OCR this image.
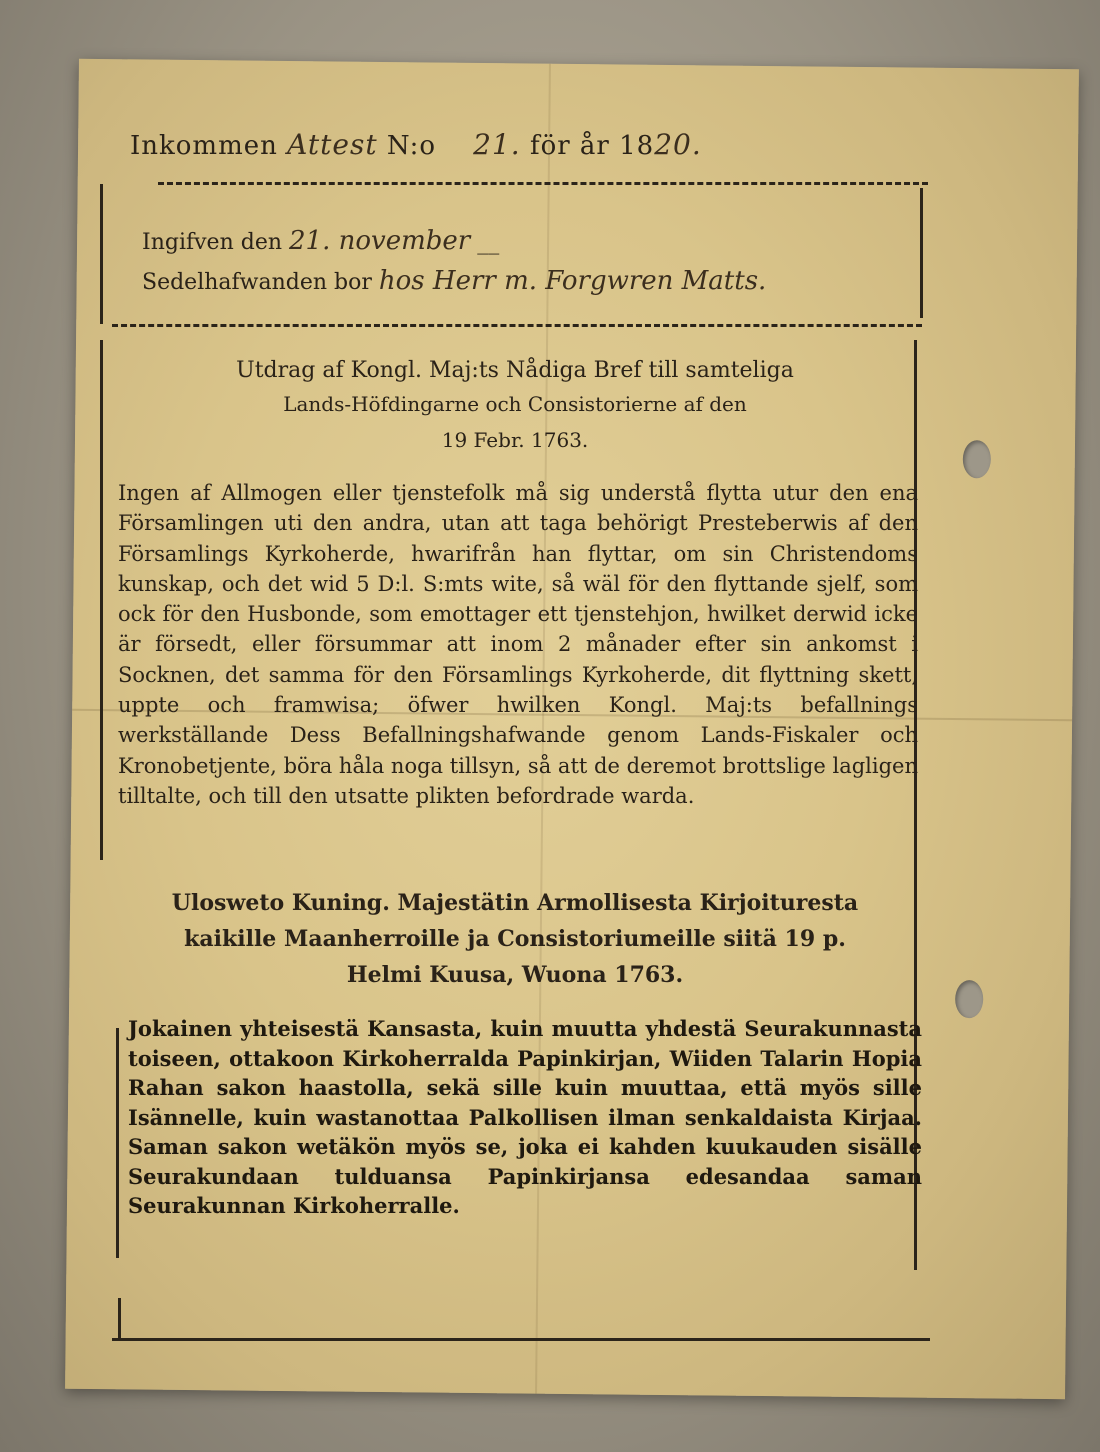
Inkommen Attest N:o 21. för år 1820.
Ingifven den 21. november __
Sedelhafwanden bor hos Herr m. Forgwren Matts.
Utdrag af Kongl. Maj:ts Nådiga Bref till samteliga
Lands-Höfdingarne och Consistorierne af den
19 Febr. 1763.
Ingen af Allmogen eller tjenstefolk må sig understå flytta utur den ena Församlingen uti den andra, utan att taga behörigt Presteberwis af den Församlings Kyrkoherde, hwarifrån han flyttar, om sin Christendoms kunskap, och det wid 5 D:l. S:mts wite, så wäl för den flyttande sjelf, som ock för den Husbonde, som emottager ett tjenstehjon, hwilket derwid icke är försedt, eller försummar att inom 2 månader efter sin ankomst i Socknen, det samma för den Församlings Kyrkoherde, dit flyttning skett, uppte och framwisa; öfwer hwilken Kongl. Maj:ts befallnings werkställande Dess Befallningshafwande genom Lands-Fiskaler och Kronobetjente, böra håla noga tillsyn, så att de deremot brottslige lagligen tilltalte, och till den utsatte plikten befordrade warda.
Ulosweto Kuning. Majestätin Armollisesta Kirjoituresta
kaikille Maanherroille ja Consistoriumeille siitä 19 p.
Helmi Kuusa, Wuona 1763.
Jokainen yhteisestä Kansasta, kuin muutta yhdestä Seurakunnasta toiseen, ottakoon Kirkoherralda Papinkirjan, Wiiden Talarin Hopia Rahan sakon haastolla, sekä sille kuin muuttaa, että myös sille Isännelle, kuin wastanottaa Palkollisen ilman senkaldaista Kirjaa. Saman sakon wetäkön myös se, joka ei kahden kuukauden sisälle Seurakundaan tulduansa Papinkirjansa edesandaa saman Seurakunnan Kirkoherralle.
